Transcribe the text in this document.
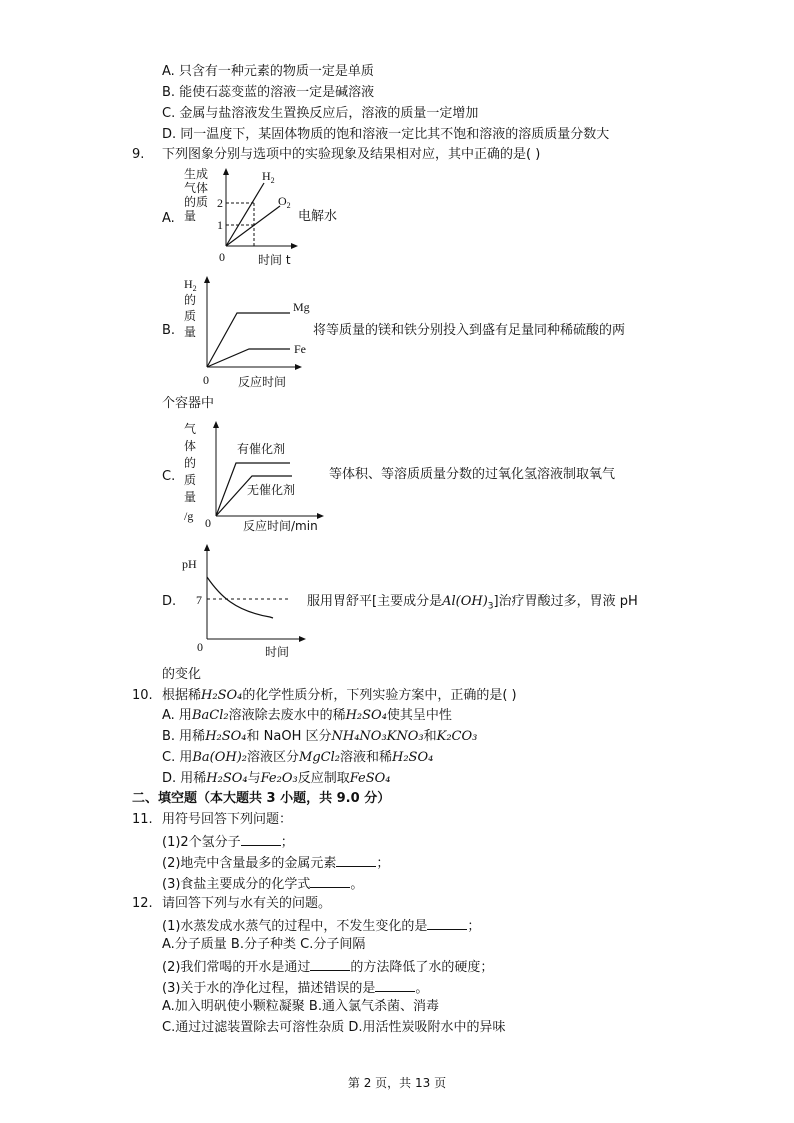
A. 只含有一种元素的物质一定是单质
B. 能使石蕊变蓝的溶液一定是碱溶液
C. 金属与盐溶液发生置换反应后，溶液的质量一定增加
D. 同一温度下，某固体物质的饱和溶液一定比其不饱和溶液的溶质质量分数大
9. 下列图象分别与选项中的实验现象及结果相对应，其中正确的是( )
A.
生成
气体
的质
量
2
1
0
$H_2$
$O_2$
时间 t
电解水
B.
$H_2$
的
质
量
Mg
Fe
0 反应时间
将等质量的镁和铁分别投入到盛有足量同种稀硫酸的两
个容器中
C.
气
体
的
质
量
/g
有催化剂
无催化剂
0	反应时间/min
等体积、等溶质质量分数的过氧化氢溶液制取氧气
D.
pH
7
0	时间
服用胃舒平[主要成分是$Al(OH)_3$]治疗胃酸过多，胃液 pH
的变化
10. 根据稀H₂SO₄的化学性质分析，下列实验方案中，正确的是( )
A. 用BaCl₂溶液除去废水中的稀H₂SO₄使其呈中性
B. 用稀H₂SO₄和 NaOH 区分NH₄NO₃KNO₃和K₂CO₃
C. 用Ba(OH)₂溶液区分MgCl₂溶液和稀H₂SO₄
D. 用稀H₂SO₄与Fe₂O₃反应制取FeSO₄
二、填空题（本大题共 3 小题，共 9.0 分）
11. 用符号回答下列问题：
(1)2个氢分子	；
(2)地壳中含量最多的金属元素	；
(3)食盐主要成分的化学式	。
12. 请回答下列与水有关的问题。
(1)水蒸发成水蒸气的过程中，不发生变化的是	；
A.分子质量 B.分子种类 C.分子间隔
(2)我们常喝的开水是通过	的方法降低了水的硬度；
(3)关于水的净化过程，描述错误的是	。
A.加入明矾使小颗粒凝聚 B.通入氯气杀菌、消毒
C.通过过滤装置除去可溶性杂质 D.用活性炭吸附水中的异味
第 2 页，共 13 页
